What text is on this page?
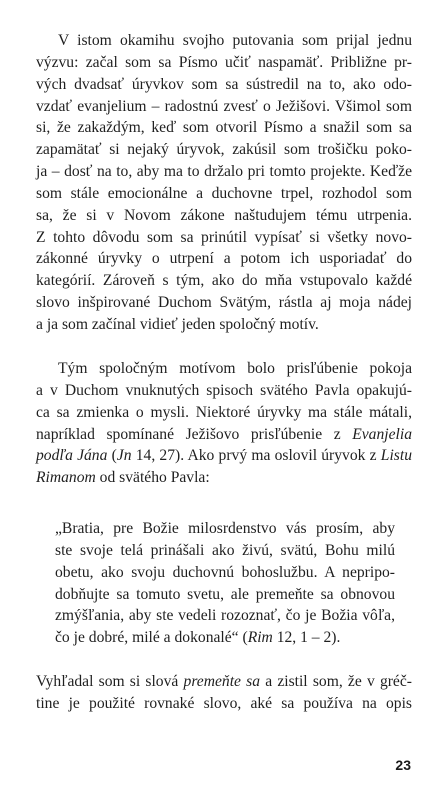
V istom okamihu svojho putovania som prijal jednu
výzvu: začal som sa Písmo učiť naspamäť. Približne pr-
vých dvadsať úryvkov som sa sústredil na to, ako odo-
vzdať evanjelium – radostnú zvesť o Ježišovi. Všimol som
si, že zakaždým, keď som otvoril Písmo a snažil som sa
zapamätať si nejaký úryvok, zakúsil som trošičku poko-
ja – dosť na to, aby ma to držalo pri tomto projekte. Keďže
som stále emocionálne a duchovne trpel, rozhodol som
sa, že si v Novom zákone naštudujem tému utrpenia.
Z tohto dôvodu som sa prinútil vypísať si všetky novo-
zákonné úryvky o utrpení a potom ich usporiadať do
kategórií. Zároveň s tým, ako do mňa vstupovalo každé
slovo inšpirované Duchom Svätým, rástla aj moja nádej
a ja som začínal vidieť jeden spoločný motív.
Tým spoločným motívom bolo prisľúbenie pokoja
a v Duchom vnuknutých spisoch svätého Pavla opakujú-
ca sa zmienka o mysli. Niektoré úryvky ma stále mátali,
napríklad spomínané Ježišovo prisľúbenie z Evanjelia
podľa Jána (Jn 14, 27). Ako prvý ma oslovil úryvok z Listu
Rimanom od svätého Pavla:
„Bratia, pre Božie milosrdenstvo vás prosím, aby
ste svoje telá prinášali ako živú, svätú, Bohu milú
obetu, ako svoju duchovnú bohoslužbu. A nepripo-
dobňujte sa tomuto svetu, ale premeňte sa obnovou
zmýšľania, aby ste vedeli rozoznať, čo je Božia vôľa,
čo je dobré, milé a dokonalé“ (Rim 12, 1 – 2).
Vyhľadal som si slová premeňte sa a zistil som, že v gréč-
tine je použité rovnaké slovo, aké sa používa na opis
23
